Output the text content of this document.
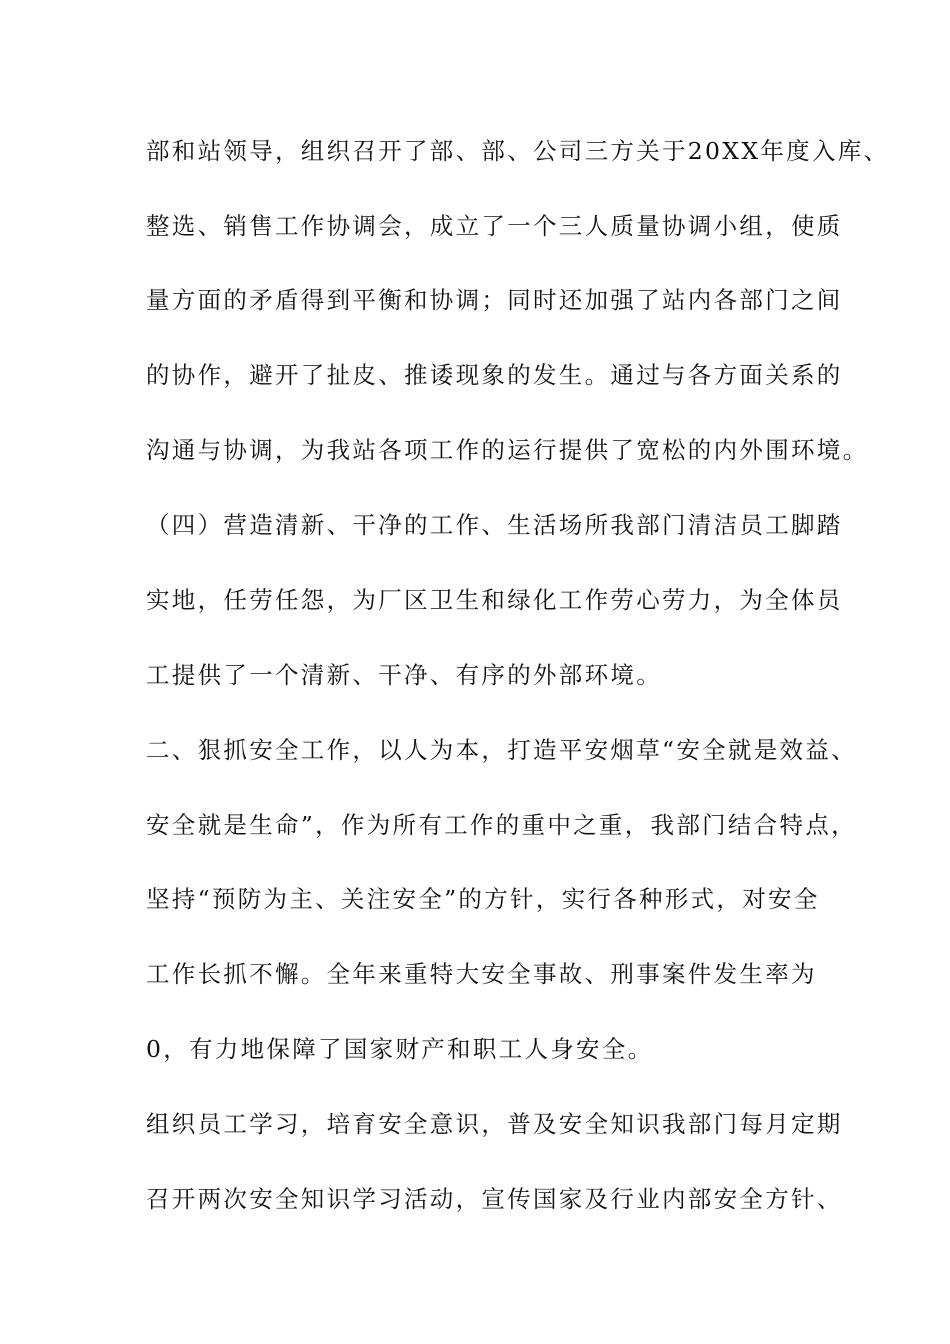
部和站领导，组织召开了部、部、公司三方关于20XX年度入库、
整选、销售工作协调会，成立了一个三人质量协调小组，使质
量方面的矛盾得到平衡和协调；同时还加强了站内各部门之间
的协作，避开了扯皮、推诿现象的发生。通过与各方面关系的
沟通与协调，为我站各项工作的运行提供了宽松的内外围环境。
（四）营造清新、干净的工作、生活场所我部门清洁员工脚踏
实地，任劳任怨，为厂区卫生和绿化工作劳心劳力，为全体员
工提供了一个清新、干净、有序的外部环境。
二、狠抓安全工作，以人为本，打造平安烟草“安全就是效益、
安全就是生命”，作为所有工作的重中之重，我部门结合特点，
坚持“预防为主、关注安全”的方针，实行各种形式，对安全
工作长抓不懈。全年来重特大安全事故、刑事案件发生率为
0，有力地保障了国家财产和职工人身安全。
组织员工学习，培育安全意识，普及安全知识我部门每月定期
召开两次安全知识学习活动，宣传国家及行业内部安全方针、
